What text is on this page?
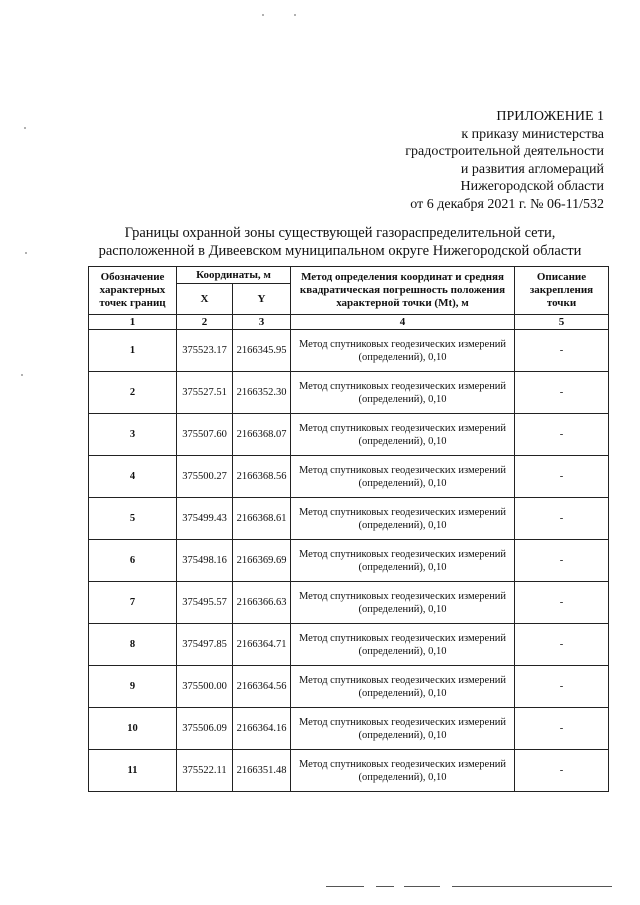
ПРИЛОЖЕНИЕ 1
к приказу министерства
градостроительной деятельности
и развития агломераций
Нижегородской области
от 6 декабря 2021 г. № 06-11/532
Границы охранной зоны существующей газораспределительной сети,
расположенной в Дивеевском муниципальном округе Нижегородской области
Обозначение характерных точек границ	Координаты, м		Метод определения координат и средняя квадратическая погрешность положения характерной точки (Mt), м	Описание закрепления точки
	X	Y		
1	2	3	4	5
1	375523.17	2166345.95	Метод спутниковых геодезических измерений (определений), 0,10	-
2	375527.51	2166352.30	Метод спутниковых геодезических измерений (определений), 0,10	-
3	375507.60	2166368.07	Метод спутниковых геодезических измерений (определений), 0,10	-
4	375500.27	2166368.56	Метод спутниковых геодезических измерений (определений), 0,10	-
5	375499.43	2166368.61	Метод спутниковых геодезических измерений (определений), 0,10	-
6	375498.16	2166369.69	Метод спутниковых геодезических измерений (определений), 0,10	-
7	375495.57	2166366.63	Метод спутниковых геодезических измерений (определений), 0,10	-
8	375497.85	2166364.71	Метод спутниковых геодезических измерений (определений), 0,10	-
9	375500.00	2166364.56	Метод спутниковых геодезических измерений (определений), 0,10	-
10	375506.09	2166364.16	Метод спутниковых геодезических измерений (определений), 0,10	-
11	375522.11	2166351.48	Метод спутниковых геодезических измерений (определений), 0,10	-
